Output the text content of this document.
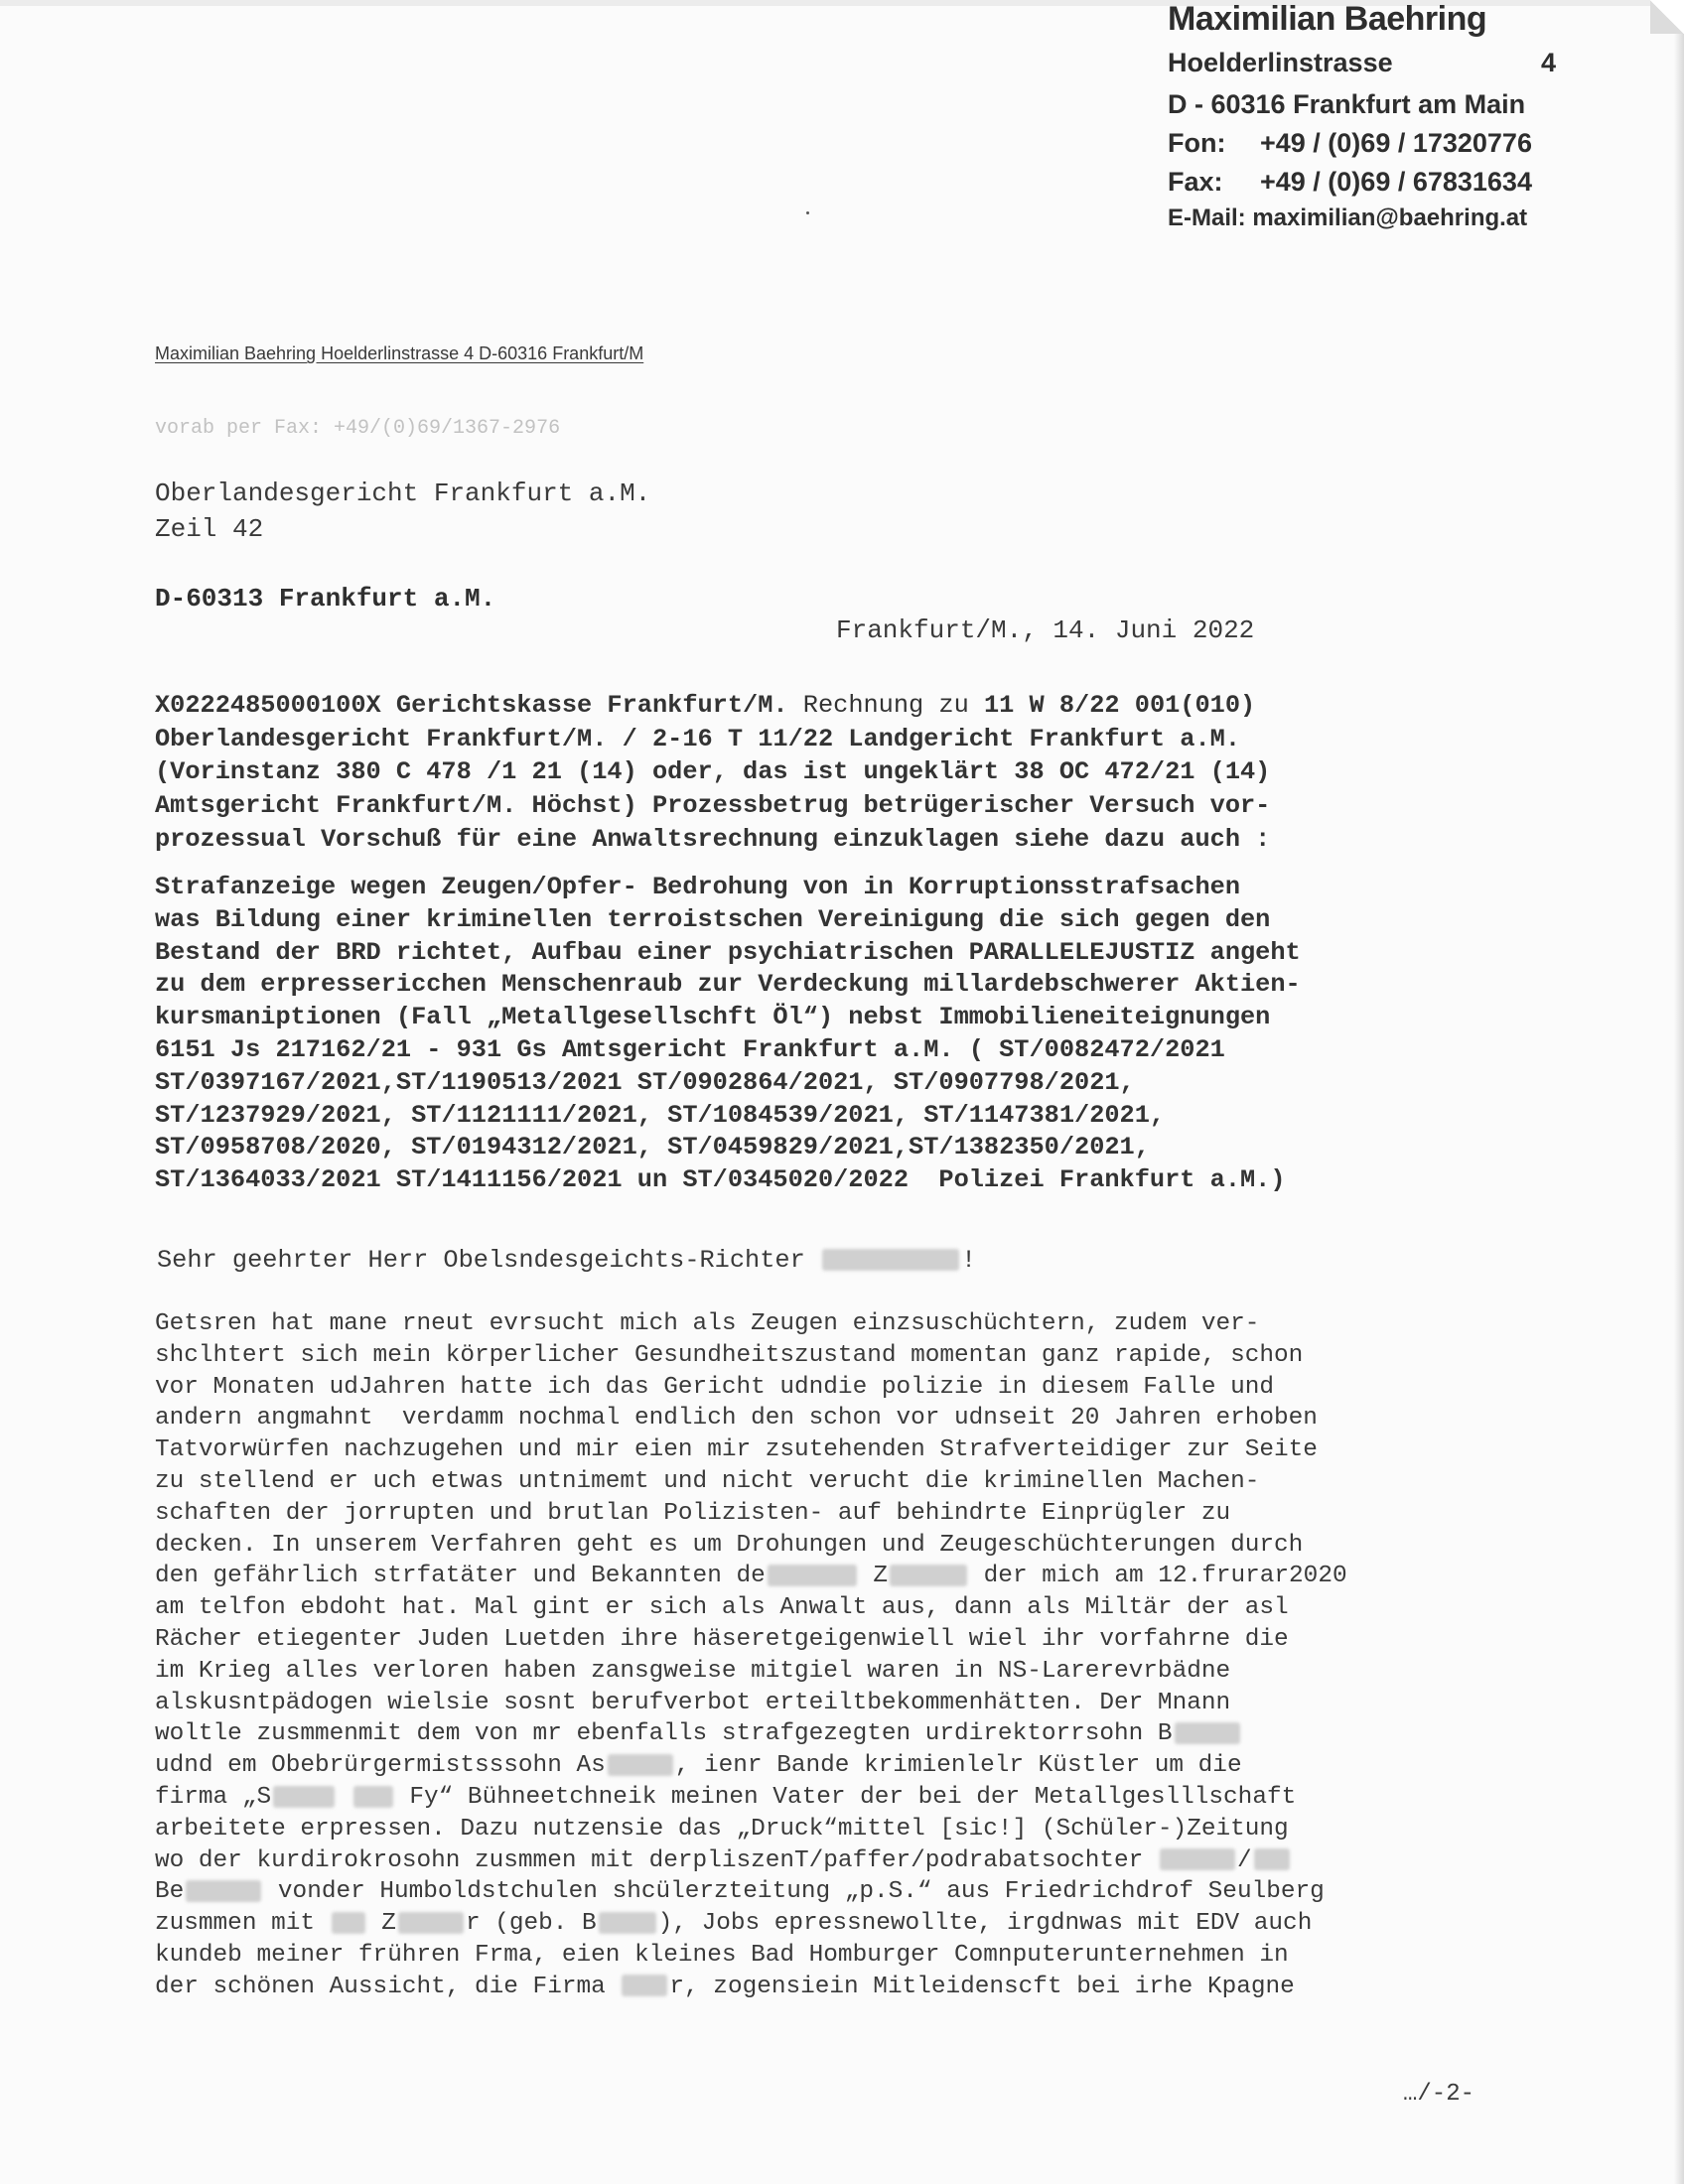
Maximilian Baehring
Hoelderlinstrasse	4
D - 60316 Frankfurt am Main
Fon: +49 / (0)69 / 17320776
Fax: +49 / (0)69 / 67831634
E-Mail: maximilian@baehring.at
Maximilian Baehring Hoelderlinstrasse 4 D-60316 Frankfurt/M
vorab per Fax: +49/(0)69/1367-2976
Oberlandesgericht Frankfurt a.M.
Zeil 42
D-60313 Frankfurt a.M.
Frankfurt/M., 14. Juni 2022
X0222485000100X Gerichtskasse Frankfurt/M. Rechnung zu 11 W 8/22 001(010)
Oberlandesgericht Frankfurt/M. / 2-16 T 11/22 Landgericht Frankfurt a.M.
(Vorinstanz 380 C 478 /1 21 (14) oder, das ist ungeklärt 38 OC 472/21 (14)
Amtsgericht Frankfurt/M. Höchst) Prozessbetrug betrügerischer Versuch vor-
prozessual Vorschuß für eine Anwaltsrechnung einzuklagen siehe dazu auch :
Strafanzeige wegen Zeugen/Opfer- Bedrohung von in Korruptionsstrafsachen
was Bildung einer kriminellen terroistschen Vereinigung die sich gegen den
Bestand der BRD richtet, Aufbau einer psychiatrischen PARALLELEJUSTIZ angeht
zu dem erpressericchen Menschenraub zur Verdeckung millardebschwerer Aktien-
kursmaniptionen (Fall „Metallgesellschft Öl“) nebst Immobilieneiteignungen
6151 Js 217162/21 - 931 Gs Amtsgericht Frankfurt a.M. ( ST/0082472/2021
ST/0397167/2021,ST/1190513/2021 ST/0902864/2021, ST/0907798/2021,
ST/1237929/2021, ST/1121111/2021, ST/1084539/2021, ST/1147381/2021,
ST/0958708/2020, ST/0194312/2021, ST/0459829/2021,ST/1382350/2021,
ST/1364033/2021 ST/1411156/2021 un ST/0345020/2022  Polizei Frankfurt a.M.)
Sehr geehrter Herr Obelsndesgeichts-Richter	!
Getsren hat mane rneut evrsucht mich als Zeugen einzsuschüchtern, zudem ver-
shclhtert sich mein körperlicher Gesundheitszustand momentan ganz rapide, schon
vor Monaten udJahren hatte ich das Gericht udndie polizie in diesem Falle und
andern angmahnt  verdamm nochmal endlich den schon vor udnseit 20 Jahren erhoben
Tatvorwürfen nachzugehen und mir eien mir zsutehenden Strafverteidiger zur Seite
zu stellend er uch etwas untnimemt und nicht verucht die kriminellen Machen-
schaften der jorrupten und brutlan Polizisten- auf behindrte Einprügler zu
decken. In unserem Verfahren geht es um Drohungen und Zeugeschüchterungen durch
den gefährlich strfatäter und Bekannten de	Z	der mich am 12.frurar2020
am telfon ebdoht hat. Mal gint er sich als Anwalt aus, dann als Miltär der asl
Rächer etiegenter Juden Luetden ihre häseretgeigenwiell wiel ihr vorfahrne die
im Krieg alles verloren haben zansgweise mitgiel waren in NS-Larerevrbädne
alskusntpädogen wielsie sosnt berufverbot erteiltbekommenhätten. Der Mnann
woltle zusmmenmit dem von mr ebenfalls strafgezegten urdirektorrsohn B
udnd em Obebrürgermistsssohn As	, ienr Bande krimienlelr Küstler um die
firma „S	Fy“ Bühneetchneik meinen Vater der bei der Metallgeslllschaft
arbeitete erpressen. Dazu nutzensie das „Druck“mittel [sic!] (Schüler-)Zeitung
wo der kurdirokrosohn zusmmen mit derpliszenT/paffer/podrabatsochter	/
Be	vonder Humboldstchulen shcülerzteitung „p.S.“ aus Friedrichdrof Seulberg
zusmmen mit  Z	r (geb. B	), Jobs epressnewollte, irgdnwas mit EDV auch
kundeb meiner frühren Frma, eien kleines Bad Homburger Comnputerunternehmen in
der schönen Aussicht, die Firma r, zogensiein Mitleidenscft bei irhe Kpagne
…/-2-
